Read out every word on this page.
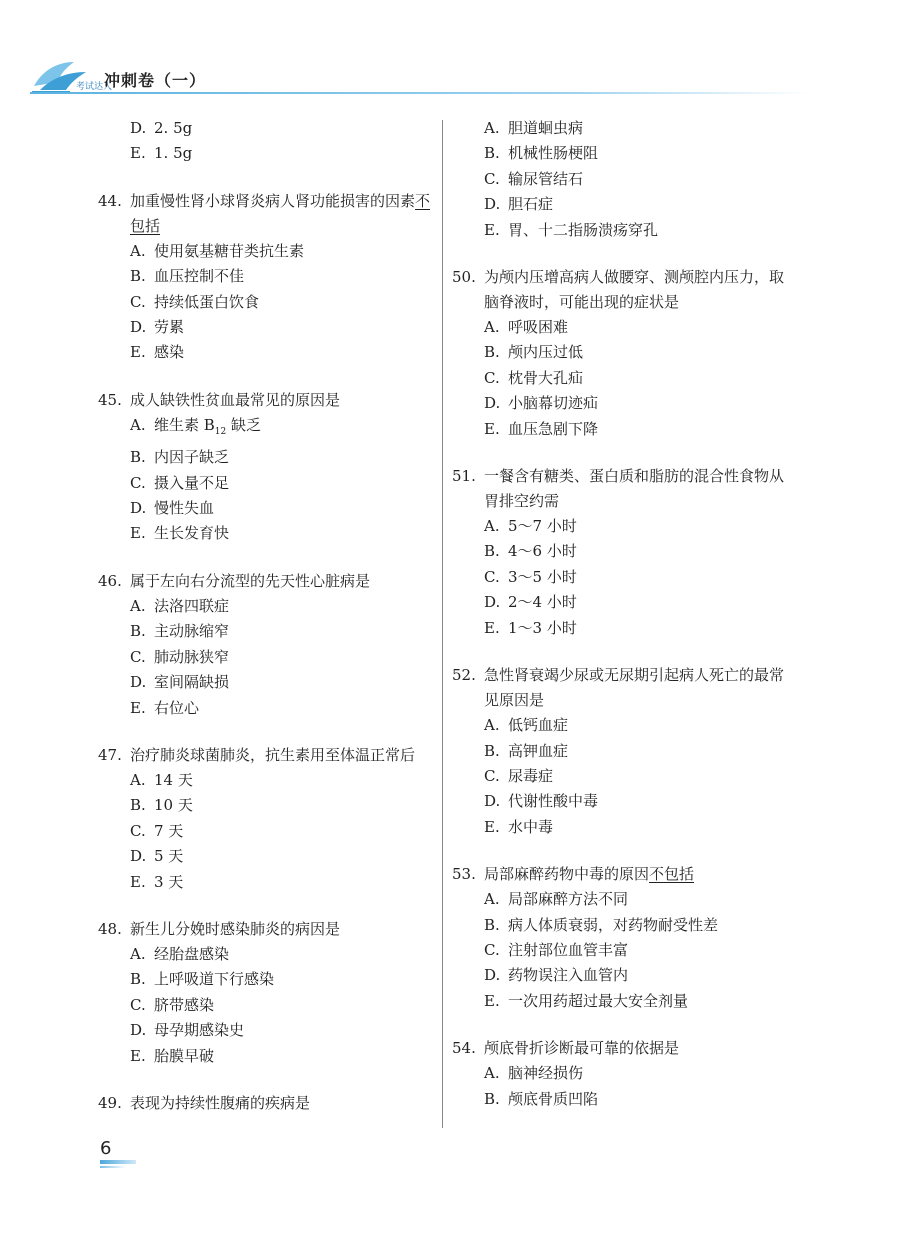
考试达人
冲刺卷（一）
D. 2. 5g
E. 1. 5g
44. 加重慢性肾小球肾炎病人肾功能损害的因素不包括
A. 使用氨基糖苷类抗生素
B. 血压控制不佳
C. 持续低蛋白饮食
D. 劳累
E. 感染
45. 成人缺铁性贫血最常见的原因是
A. 维生素 $B_{12}$ 缺乏
B. 内因子缺乏
C. 摄入量不足
D. 慢性失血
E. 生长发育快
46. 属于左向右分流型的先天性心脏病是
A. 法洛四联症
B. 主动脉缩窄
C. 肺动脉狭窄
D. 室间隔缺损
E. 右位心
47. 治疗肺炎球菌肺炎，抗生素用至体温正常后
A. 14 天
B. 10 天
C. 7 天
D. 5 天
E. 3 天
48. 新生儿分娩时感染肺炎的病因是
A. 经胎盘感染
B. 上呼吸道下行感染
C. 脐带感染
D. 母孕期感染史
E. 胎膜早破
49. 表现为持续性腹痛的疾病是
A. 胆道蛔虫病
B. 机械性肠梗阻
C. 输尿管结石
D. 胆石症
E. 胃、十二指肠溃疡穿孔
50. 为颅内压增高病人做腰穿、测颅腔内压力，取脑脊液时，可能出现的症状是
A. 呼吸困难
B. 颅内压过低
C. 枕骨大孔疝
D. 小脑幕切迹疝
E. 血压急剧下降
51. 一餐含有糖类、蛋白质和脂肪的混合性食物从胃排空约需
A. 5～7 小时
B. 4～6 小时
C. 3～5 小时
D. 2～4 小时
E. 1～3 小时
52. 急性肾衰竭少尿或无尿期引起病人死亡的最常见原因是
A. 低钙血症
B. 高钾血症
C. 尿毒症
D. 代谢性酸中毒
E. 水中毒
53. 局部麻醉药物中毒的原因不包括
A. 局部麻醉方法不同
B. 病人体质衰弱，对药物耐受性差
C. 注射部位血管丰富
D. 药物误注入血管内
E. 一次用药超过最大安全剂量
54. 颅底骨折诊断最可靠的依据是
A. 脑神经损伤
B. 颅底骨质凹陷
6
